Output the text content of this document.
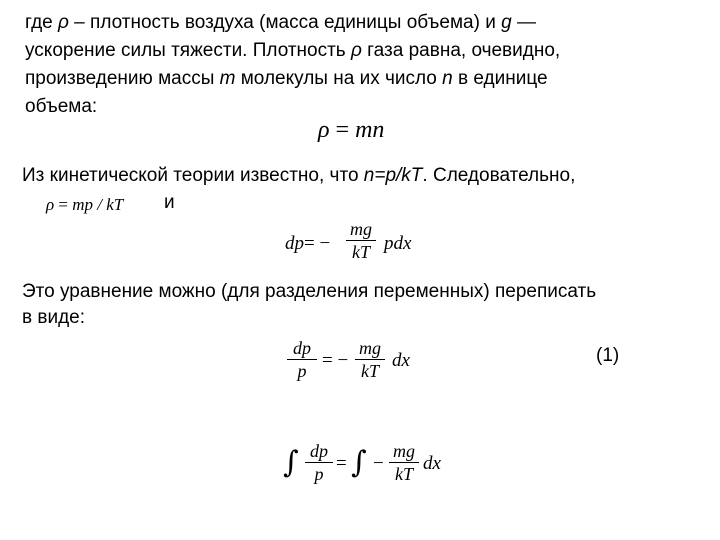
где ρ – плотность воздуха (масса единицы объема) и g —
ускорение силы тяжести. Плотность ρ газа равна, очевидно,
произведению массы m молекулы на их число n в единице
объема:
ρ = mn
Из кинетической теории известно, что n=p/kT. Следовательно,
ρ = mp / kT и
dp= −
mg
kT pdx
Это уравнение можно (для разделения переменных) переписать
в виде:
dp
p = −
mg
kT dx	(1)
∫ dp
p = ∫ −
mg
kT dx
